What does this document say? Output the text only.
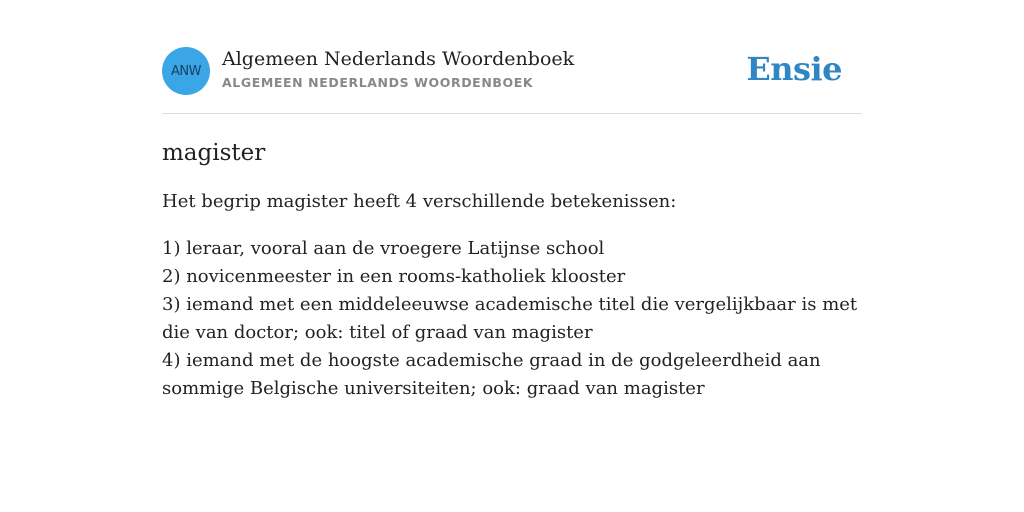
ANW
Algemeen Nederlands Woordenboek
ALGEMEEN NEDERLANDS WOORDENBOEK	Ensie
magister
Het begrip magister heeft 4 verschillende betekenissen:
1) leraar, vooral aan de vroegere Latijnse school
2) novicenmeester in een rooms-katholiek klooster
3) iemand met een middeleeuwse academische titel die vergelijkbaar is met die van doctor; ook: titel of graad van magister
4) iemand met de hoogste academische graad in de godgeleerdheid aan sommige Belgische universiteiten; ook: graad van magister
